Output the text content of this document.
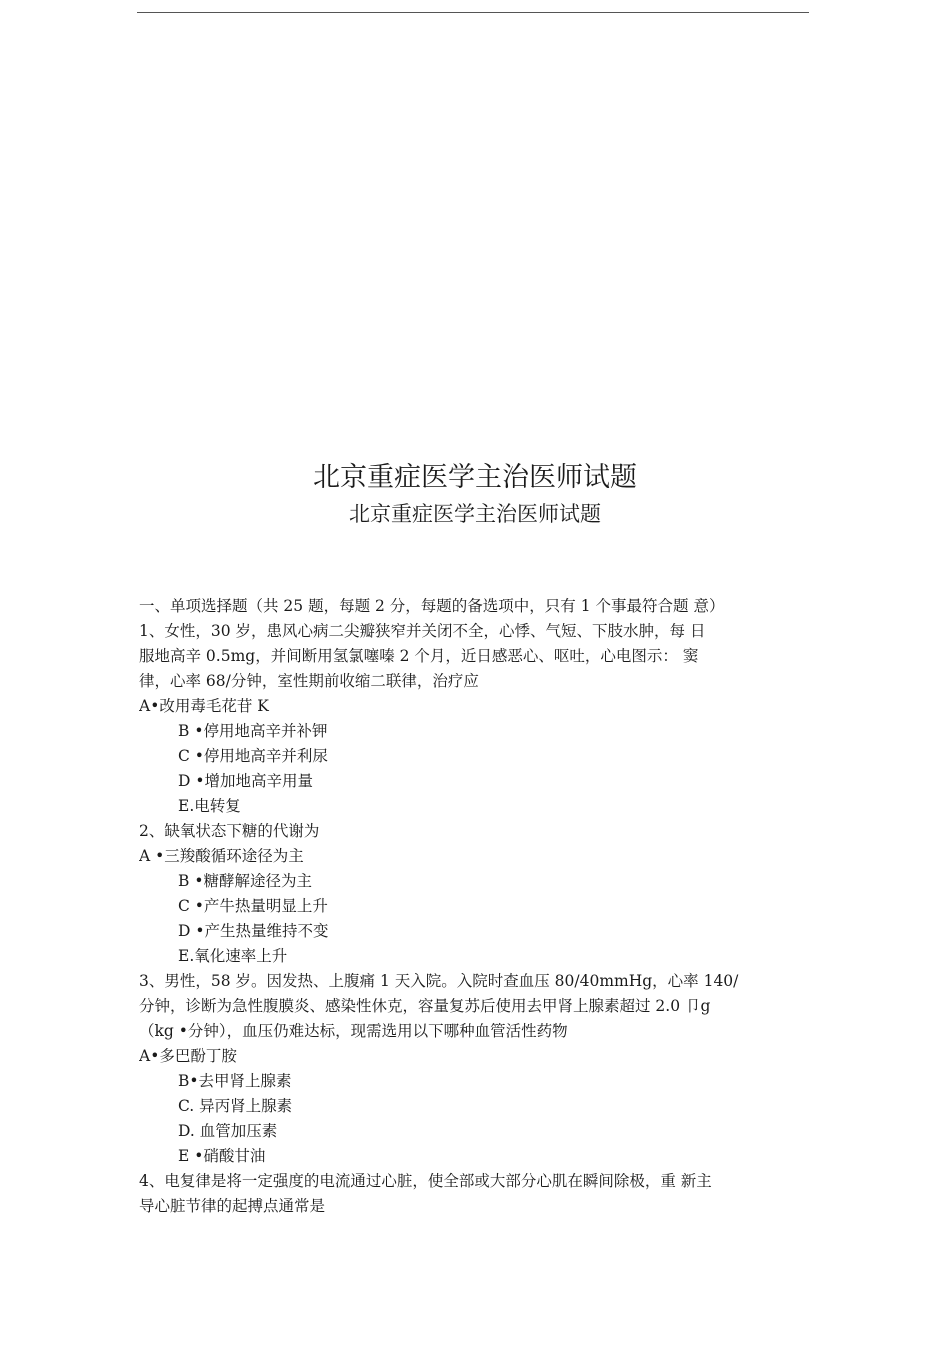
北京重症医学主治医师试题
北京重症医学主治医师试题
一、单项选择题（共 25 题，每题 2 分，每题的备选项中，只有 1 个事最符合题 意）
1、女性，30 岁，患风心病二尖瓣狭窄并关闭不全，心悸、气短、下肢水肿，每 日
服地高辛 0.5mg，并间断用氢氯噻嗪 2 个月，近日感恶心、呕吐，心电图示： 窦
律，心率 68/分钟，室性期前收缩二联律，治疗应
A•改用毒毛花苷 K
B •停用地高辛并补钾
C •停用地高辛并利尿
D •增加地高辛用量
E.电转复
2、缺氧状态下糖的代谢为
A •三羧酸循环途径为主
B •糖酵解途径为主
C •产牛热量明显上升
D •产生热量维持不变
E.氧化速率上升
3、男性，58 岁。因发热、上腹痛 1 天入院。入院时查血压 80/40mmHg，心率 140/
分钟，诊断为急性腹膜炎、感染性休克，容量复苏后使用去甲肾上腺素超过 2.0 卩g
（kg •分钟），血压仍难达标，现需选用以下哪种血管活性药物
A•多巴酚丁胺
B•去甲肾上腺素
C. 异丙肾上腺素
D. 血管加压素
E •硝酸甘油
4、电复律是将一定强度的电流通过心脏，使全部或大部分心肌在瞬间除极，重 新主
导心脏节律的起搏点通常是
